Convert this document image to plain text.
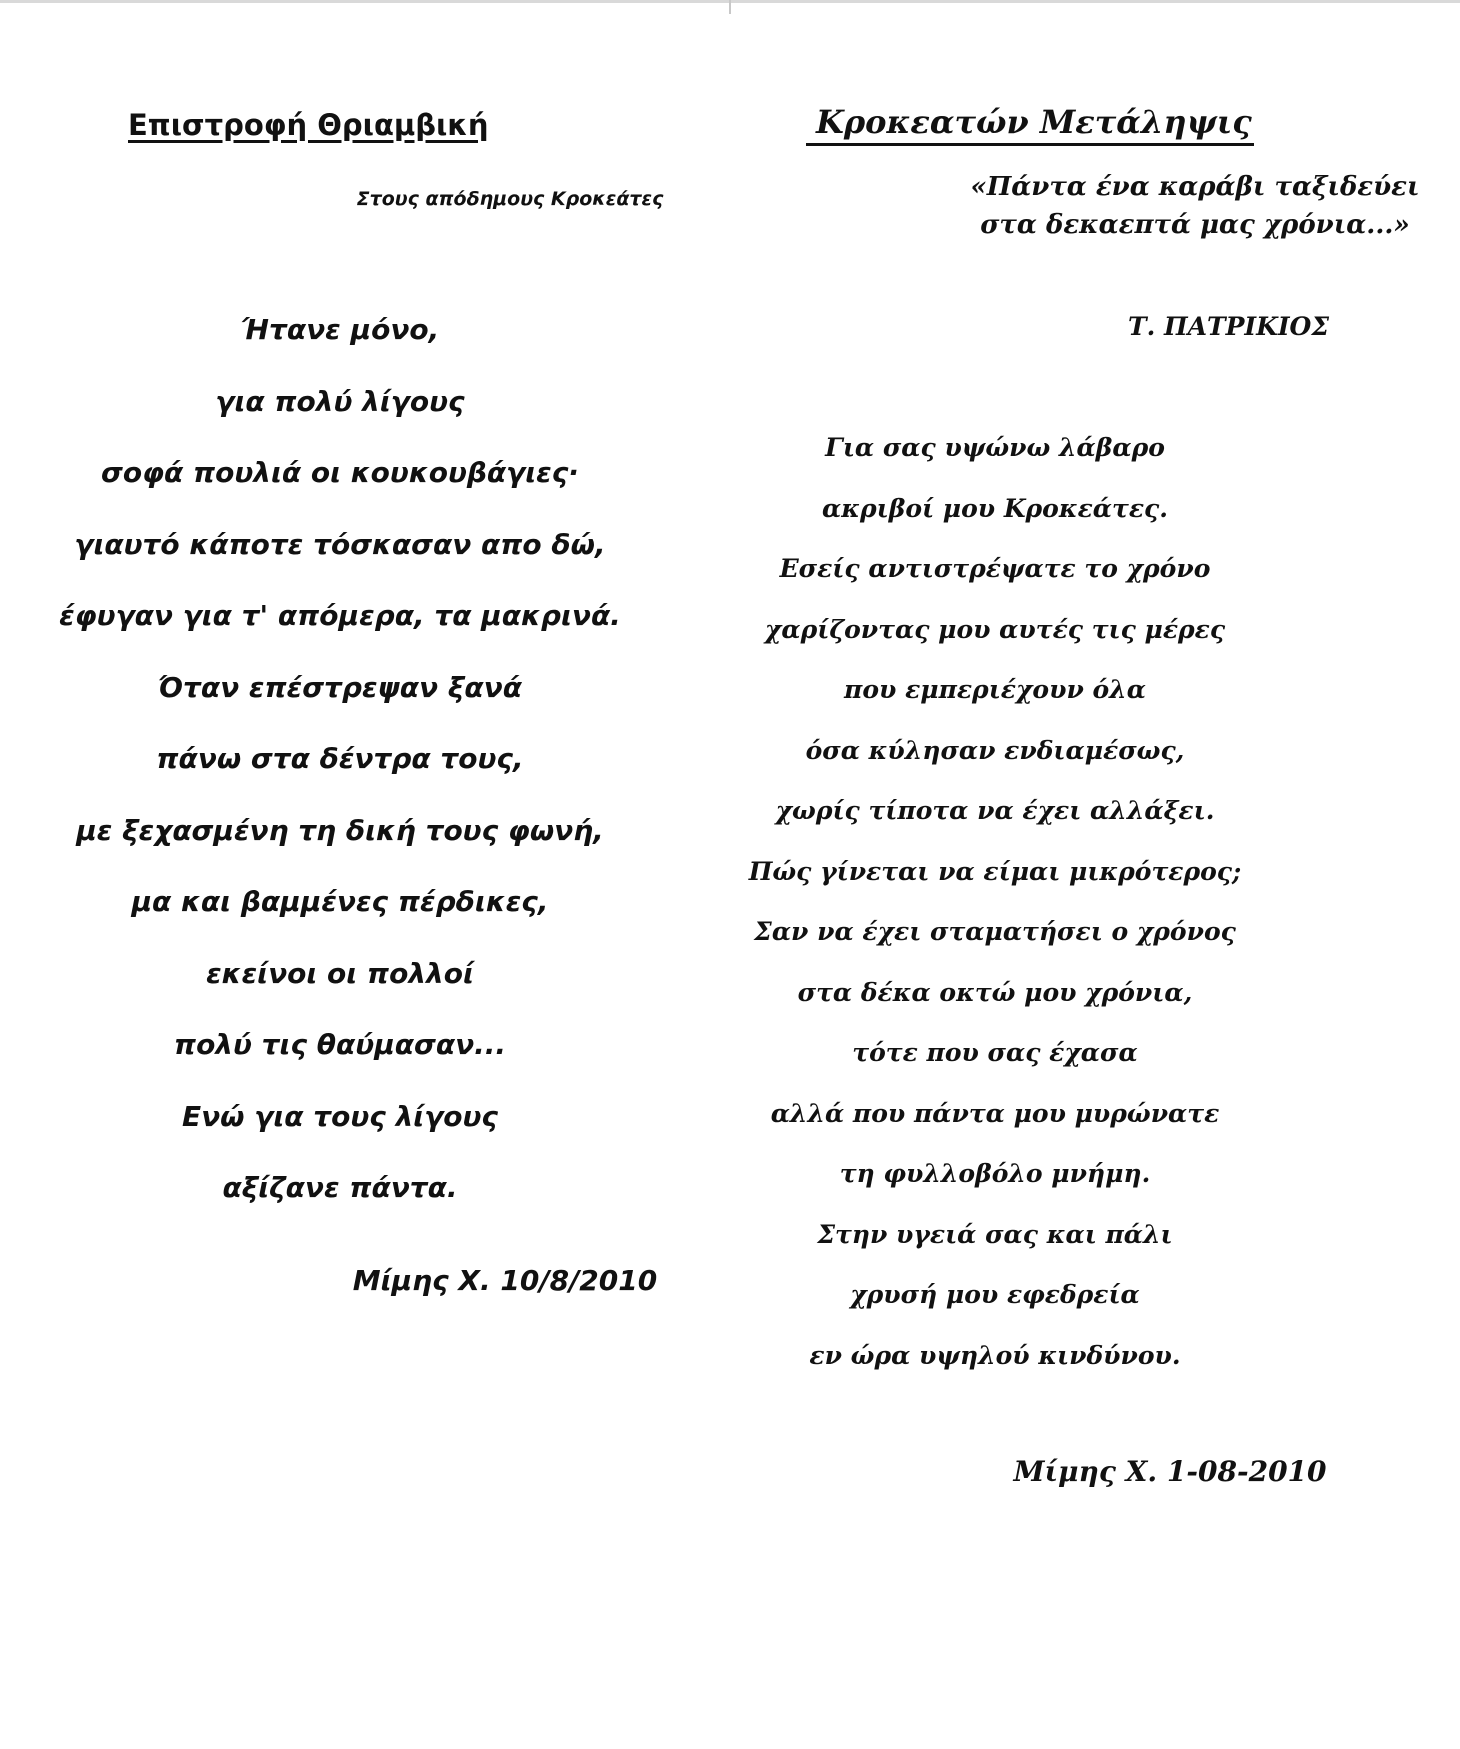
Επιστροφή Θριαμβική
Στους απόδημους Κροκεάτες
Ήτανε μόνο,
για πολύ λίγους
σοφά πουλιά οι κουκουβάγιες·
γιαυτό κάποτε τόσκασαν απο δώ,
έφυγαν για τ' απόμερα, τα μακρινά.
Όταν επέστρεψαν ξανά
πάνω στα δέντρα τους,
με ξεχασμένη τη δική τους φωνή,
μα και βαμμένες πέρδικες,
εκείνοι οι πολλοί
πολύ τις θαύμασαν...
Ενώ για τους λίγους
αξίζανε πάντα.
Μίμης Χ. 10/8/2010
Κροκεατών Μετάληψις
«Πάντα ένα καράβι ταξιδεύει στα δεκαεπτά μας χρόνια...»
Τ. ΠΑΤΡΙΚΙΟΣ
Για σας υψώνω λάβαρο
ακριβοί μου Κροκεάτες.
Εσείς αντιστρέψατε το χρόνο
χαρίζοντας μου αυτές τις μέρες
που εμπεριέχουν όλα
όσα κύλησαν ενδιαμέσως,
χωρίς τίποτα να έχει αλλάξει.
Πώς γίνεται να είμαι μικρότερος;
Σαν να έχει σταματήσει ο χρόνος
στα δέκα οκτώ μου χρόνια,
τότε που σας έχασα
αλλά που πάντα μου μυρώνατε
τη φυλλοβόλο μνήμη.
Στην υγειά σας και πάλι
χρυσή μου εφεδρεία
εν ώρα υψηλού κινδύνου.
Μίμης Χ. 1-08-2010
